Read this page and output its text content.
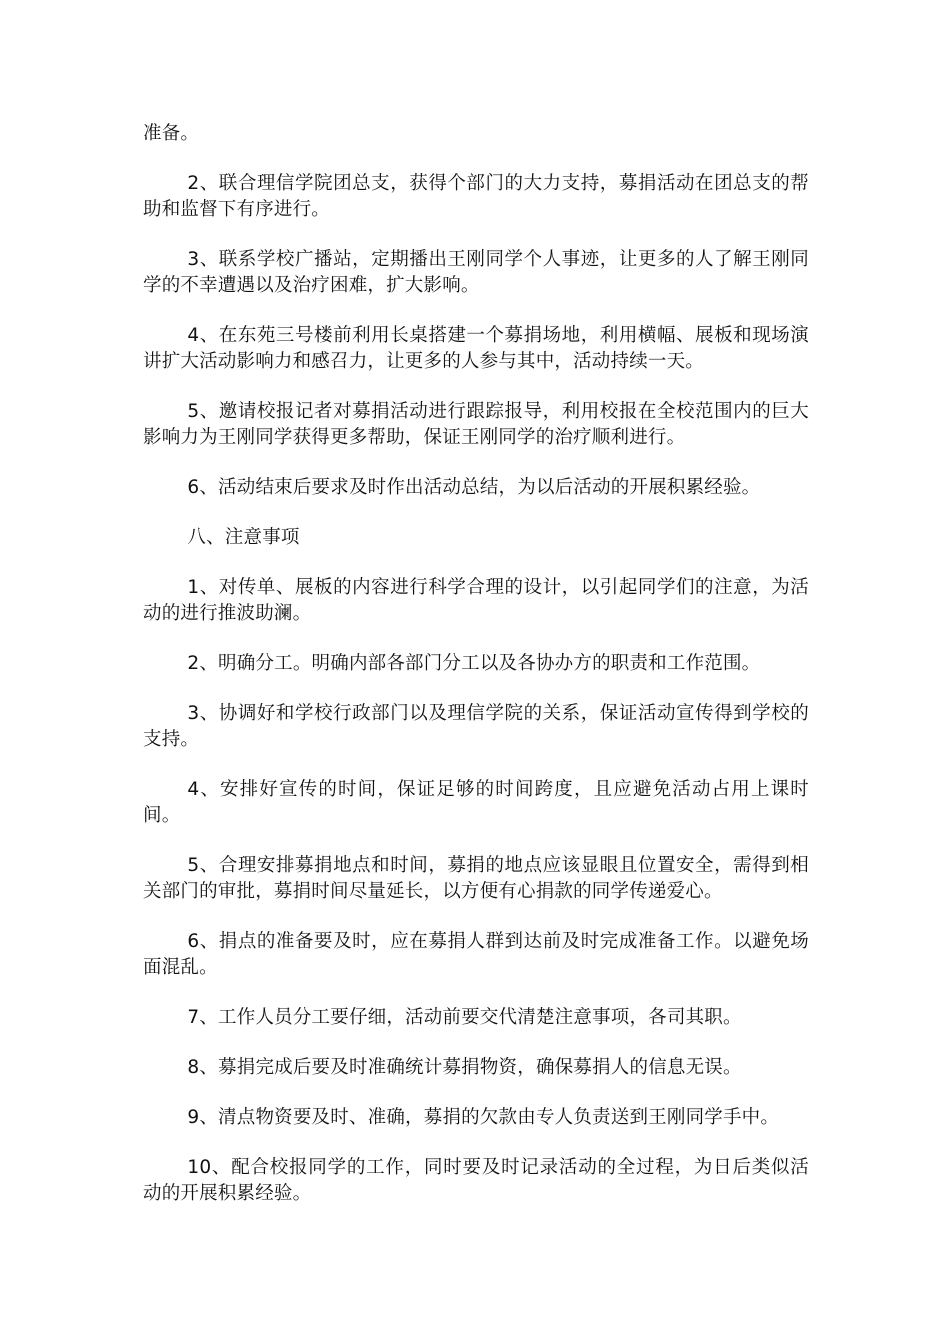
准备。

2、联合理信学院团总支，获得个部门的大力支持，募捐活动在团总支的帮助和监督下有序进行。

3、联系学校广播站，定期播出王刚同学个人事迹，让更多的人了解王刚同学的不幸遭遇以及治疗困难，扩大影响。

4、在东苑三号楼前利用长桌搭建一个募捐场地，利用横幅、展板和现场演讲扩大活动影响力和感召力，让更多的人参与其中，活动持续一天。

5、邀请校报记者对募捐活动进行跟踪报导，利用校报在全校范围内的巨大影响力为王刚同学获得更多帮助，保证王刚同学的治疗顺利进行。

6、活动结束后要求及时作出活动总结，为以后活动的开展积累经验。

八、注意事项

1、对传单、展板的内容进行科学合理的设计，以引起同学们的注意，为活动的进行推波助澜。

2、明确分工。明确内部各部门分工以及各协办方的职责和工作范围。

3、协调好和学校行政部门以及理信学院的关系，保证活动宣传得到学校的支持。

4、安排好宣传的时间，保证足够的时间跨度，且应避免活动占用上课时间。

5、合理安排募捐地点和时间，募捐的地点应该显眼且位置安全，需得到相关部门的审批，募捐时间尽量延长，以方便有心捐款的同学传递爱心。

6、捐点的准备要及时，应在募捐人群到达前及时完成准备工作。以避免场面混乱。

7、工作人员分工要仔细，活动前要交代清楚注意事项，各司其职。

8、募捐完成后要及时准确统计募捐物资，确保募捐人的信息无误。

9、清点物资要及时、准确，募捐的欠款由专人负责送到王刚同学手中。

10、配合校报同学的工作，同时要及时记录活动的全过程，为日后类似活动的开展积累经验。
